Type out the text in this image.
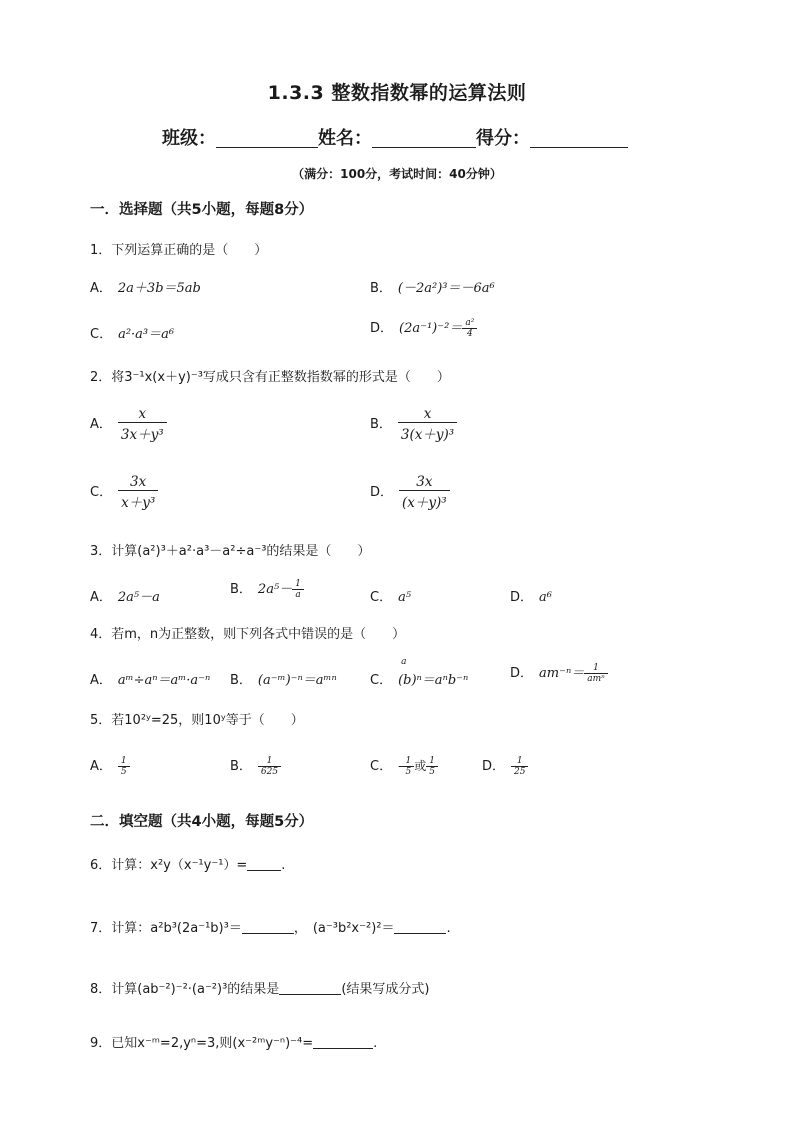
1.3.3 整数指数幂的运算法则
班级：	姓名：	得分：
（满分：100分，考试时间：40分钟）
一．选择题（共5小题，每题8分）
1．下列运算正确的是（　　）
A． 2a＋3b＝5ab	B． (－2a²)³＝－6a⁶
C． a²·a³＝a⁶	D． $(2a^{-1})^{-2}= \frac{\text{a²}}{4}$
2．将3⁻¹x(x＋y)⁻³写成只含有正整数指数幂的形式是（　　）
A． $\frac{x}{\text{3x＋y³}}$	B． $\frac{x}{\text{3(x＋y)³}}$
C． $\frac{3x}{\text{x＋y³}}$	D． $\frac{3x}{\text{(x＋y)³}}$
3．计算(a²)³＋a²·a³－a²÷a⁻³的结果是（　　）
A． 2a⁵－a
B． $2a^5- \frac{1}{a}$	C． a⁵	D． a⁶
4．若m，n为正整数，则下列各式中错误的是（　　）
A． aᵐ÷aⁿ＝aᵐ·a⁻ⁿ B． (a⁻ᵐ)⁻ⁿ＝aᵐⁿ	C．
a
(b)ⁿ＝aⁿb⁻ⁿ	D． am⁻ⁿ＝ 1
amⁿ
5．若10²ʸ=25，则10ʸ等于（　　）
A． $\frac{1}{5}$	B． $\frac{1}{625}$	C． - $\frac{1}{5}$ 或 $\frac{1}{5}$	D． $\frac{1}{25}$
二．填空题（共4小题，每题5分）
6．计算：x²y（x⁻¹y⁻¹）=	.
7．计算：a²b³(2a⁻¹b)³＝	， (a⁻³b²x⁻²)²＝	.
8．计算(ab⁻²)⁻²·(a⁻²)³的结果是	(结果写成分式)
9．已知x⁻ᵐ=2,yⁿ=3,则(x⁻²ᵐy⁻ⁿ)⁻⁴=	.
